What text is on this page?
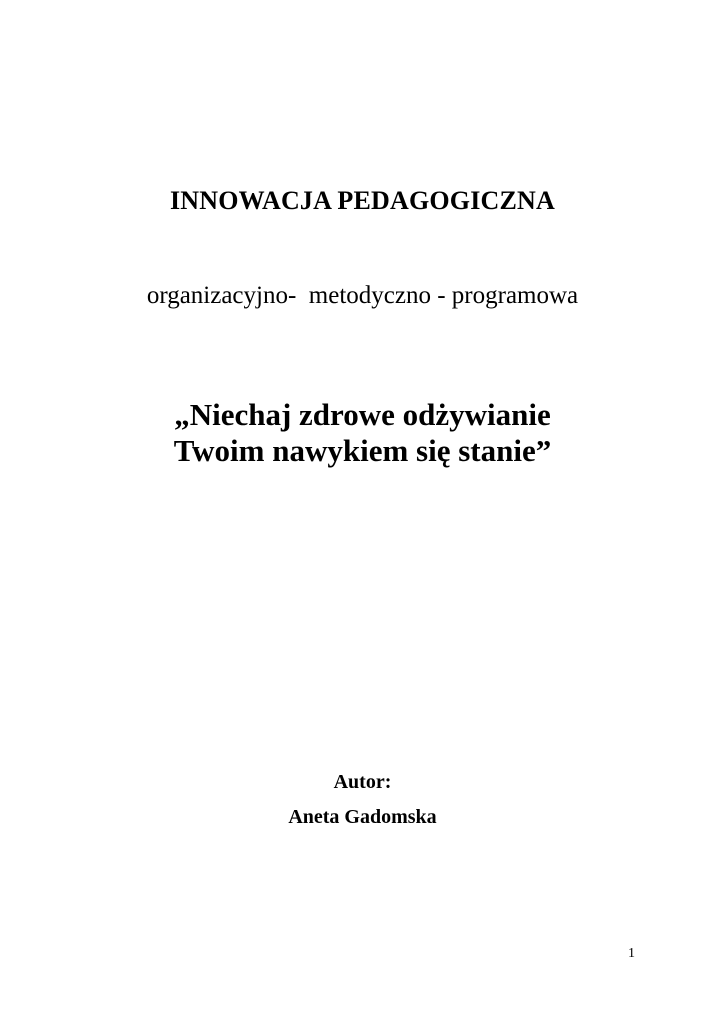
INNOWACJA PEDAGOGICZNA
organizacyjno-  metodyczno - programowa
„Niechaj zdrowe odżywianie
Twoim nawykiem się stanie”
Autor:
Aneta Gadomska
1
